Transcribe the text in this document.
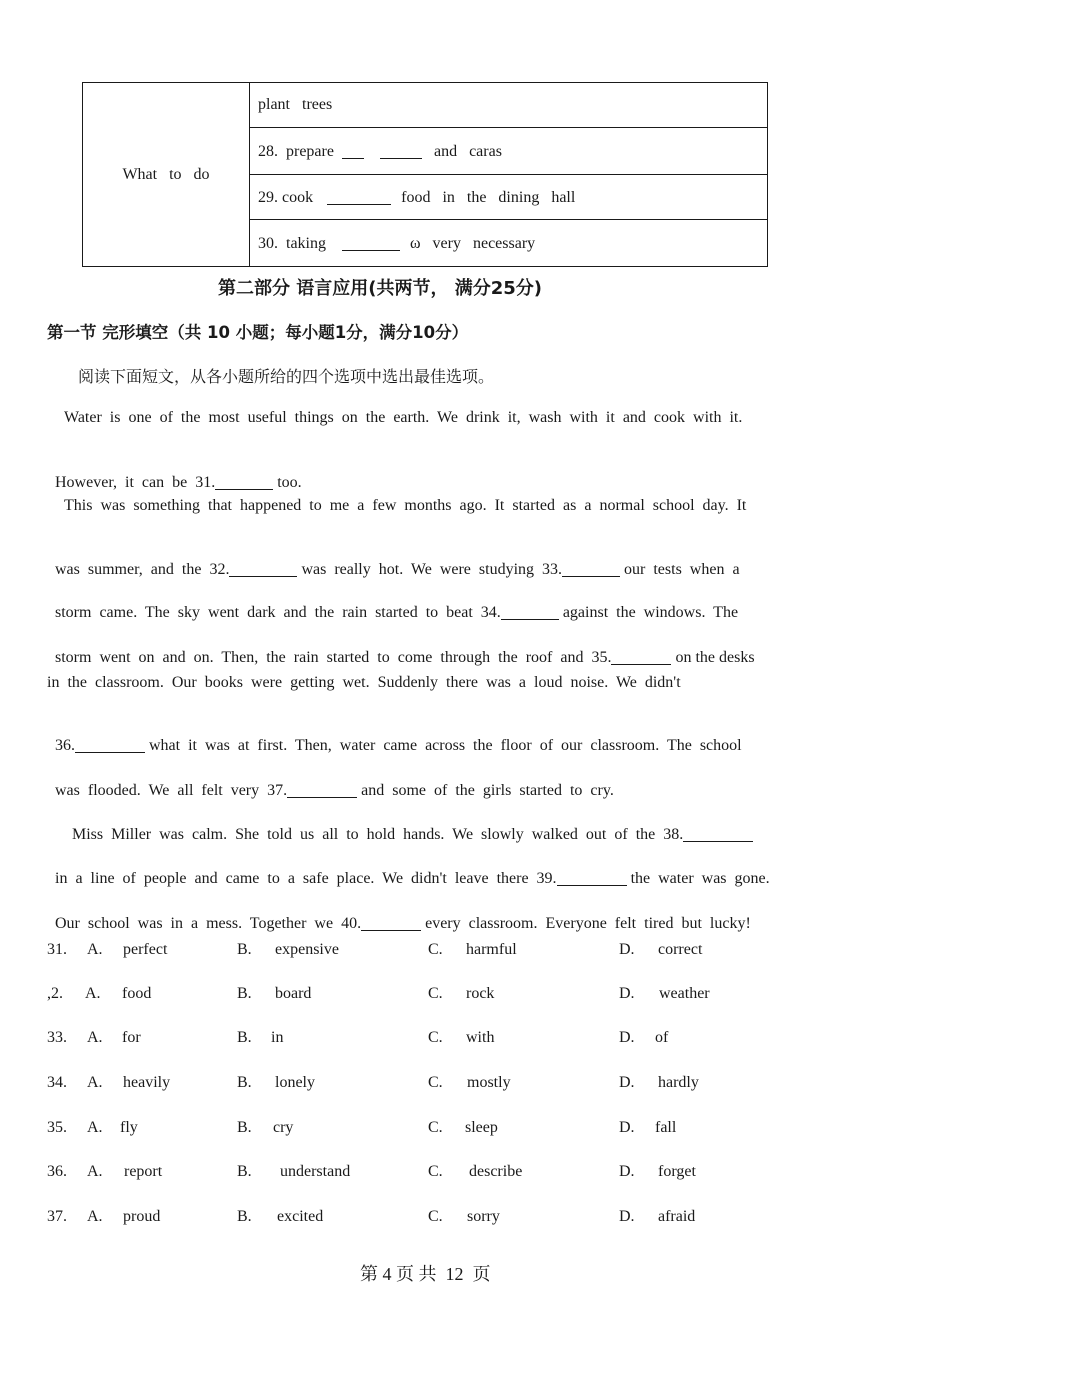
What   to   do	plant   trees
28.  prepare	and   caras
29. cook	food   in   the   dining   hall
30.  taking	ω   very   necessary
第二部分 语言应用(共两节， 满分25分)
第一节 完形填空（共 10 小题；每小题1分，满分10分）
阅读下面短文，从各小题所给的四个选项中选出最佳选项。
Water  is  one  of  the  most  useful  things  on  the  earth.  We  drink  it,  wash  with  it  and  cook  with  it.

However,  it  can  be  31.	too.

This  was  something  that  happened  to  me  a  few  months  ago.  It  started  as  a  normal  school  day.  It

was  summer,  and  the  32.	was  really  hot.  We  were  studying  33.	our  tests  when  a

storm  came.  The  sky  went  dark  and  the  rain  started  to  beat  34.	against  the  windows.  The

storm  went  on  and  on.  Then,  the  rain  started  to  come  through  the  roof  and  35.	on the desks

in  the  classroom.  Our  books  were  getting  wet.  Suddenly  there  was  a  loud  noise.  We  didn't

36.	what  it  was  at  first.  Then,  water  came  across  the  floor  of  our  classroom.  The  school

was  flooded.  We  all  felt  very  37.	and  some  of  the  girls  started  to  cry.

Miss  Miller  was  calm.  She  told  us  all  to  hold  hands.  We  slowly  walked  out  of  the  38.

in  a  line  of  people  and  came  to  a  safe  place.  We  didn't  leave  there  39.	the  water  was  gone.

Our  school  was  in  a  mess.  Together  we  40.	every  classroom.  Everyone  felt  tired  but  lucky!

31. A. perfect	B. expensive	C. harmful	D. correct
,2. A. food	B. board	C. rock	D. weather
33. A. for	B. in	C. with	D. of
34. A. heavily	B. lonely	C. mostly	D. hardly
35. A. fly	B. cry	C. sleep	D. fall
36. A. report	B. understand	C. describe	D. forget
37. A. proud	B. excited	C. sorry	D. afraid
第 4 页 共  12  页
